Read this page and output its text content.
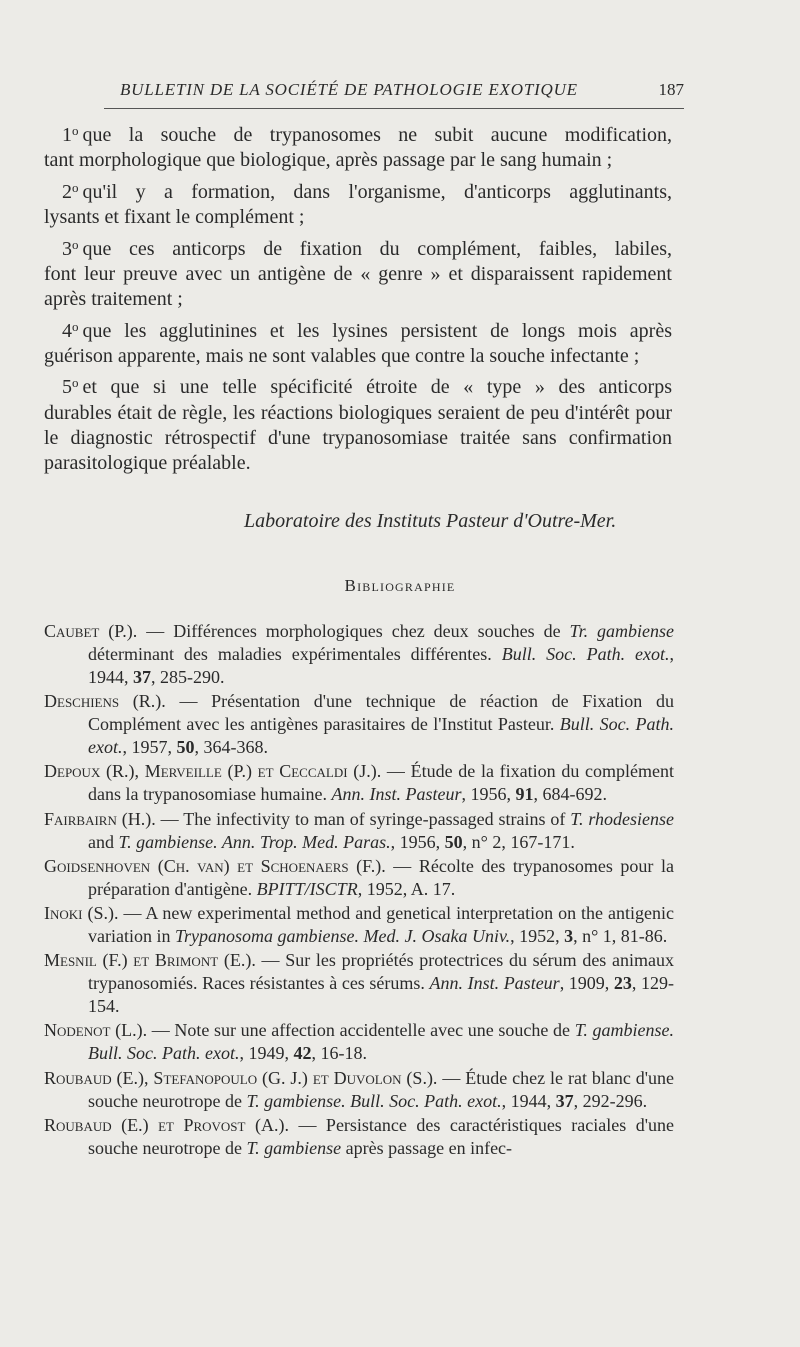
BULLETIN DE LA SOCIÉTÉ DE PATHOLOGIE EXOTIQUE	187

1$^o$ que la souche de trypanosomes ne subit aucune modification,
tant morphologique que biologique, après passage par le sang humain ;

2$^o$ qu'il y a formation, dans l'organisme, d'anticorps agglutinants,
lysants et fixant le complément ;

3$^o$ que ces anticorps de fixation du complément, faibles, labiles,
font leur preuve avec un antigène de « genre » et disparaissent rapidement après traitement ;

4$^o$ que les agglutinines et les lysines persistent de longs mois après
guérison apparente, mais ne sont valables que contre la souche infectante ;

5$^o$ et que si une telle spécificité étroite de « type » des anticorps
durables était de règle, les réactions biologiques seraient de peu d'intérêt pour le diagnostic rétrospectif d'une trypanosomiase traitée sans confirmation parasitologique préalable.

Laboratoire des Instituts Pasteur d'Outre-Mer.
Bibliographie
Caubet (P.). — Différences morphologiques chez deux souches de Tr. gambiense déterminant des maladies expérimentales différentes. Bull. Soc. Path. exot., 1944, 37, 285-290.
Deschiens (R.). — Présentation d'une technique de réaction de Fixation du Complément avec les antigènes parasitaires de l'Institut Pasteur. Bull. Soc. Path. exot., 1957, 50, 364-368.
Depoux (R.), Merveille (P.) et Ceccaldi (J.). — Étude de la fixation du complément dans la trypanosomiase humaine. Ann. Inst. Pasteur, 1956, 91, 684-692.
Fairbairn (H.). — The infectivity to man of syringe-passaged strains of T. rhodesiense and T. gambiense. Ann. Trop. Med. Paras., 1956, 50, n° 2, 167-171.
Goidsenhoven (Ch. van) et Schoenaers (F.). — Récolte des trypanosomes pour la préparation d'antigène. BPITT/ISCTR, 1952, A. 17.
Inoki (S.). — A new experimental method and genetical interpretation on the antigenic variation in Trypanosoma gambiense. Med. J. Osaka Univ., 1952, 3, n° 1, 81-86.
Mesnil (F.) et Brimont (E.). — Sur les propriétés protectrices du sérum des animaux trypanosomiés. Races résistantes à ces sérums. Ann. Inst. Pasteur, 1909, 23, 129-154.
Nodenot (L.). — Note sur une affection accidentelle avec une souche de T. gambiense. Bull. Soc. Path. exot., 1949, 42, 16-18.
Roubaud (E.), Stefanopoulo (G. J.) et Duvolon (S.). — Étude chez le rat blanc d'une souche neurotrope de T. gambiense. Bull. Soc. Path. exot., 1944, 37, 292-296.
Roubaud (E.) et Provost (A.). — Persistance des caractéristiques raciales d'une souche neurotrope de T. gambiense après passage en infec-
